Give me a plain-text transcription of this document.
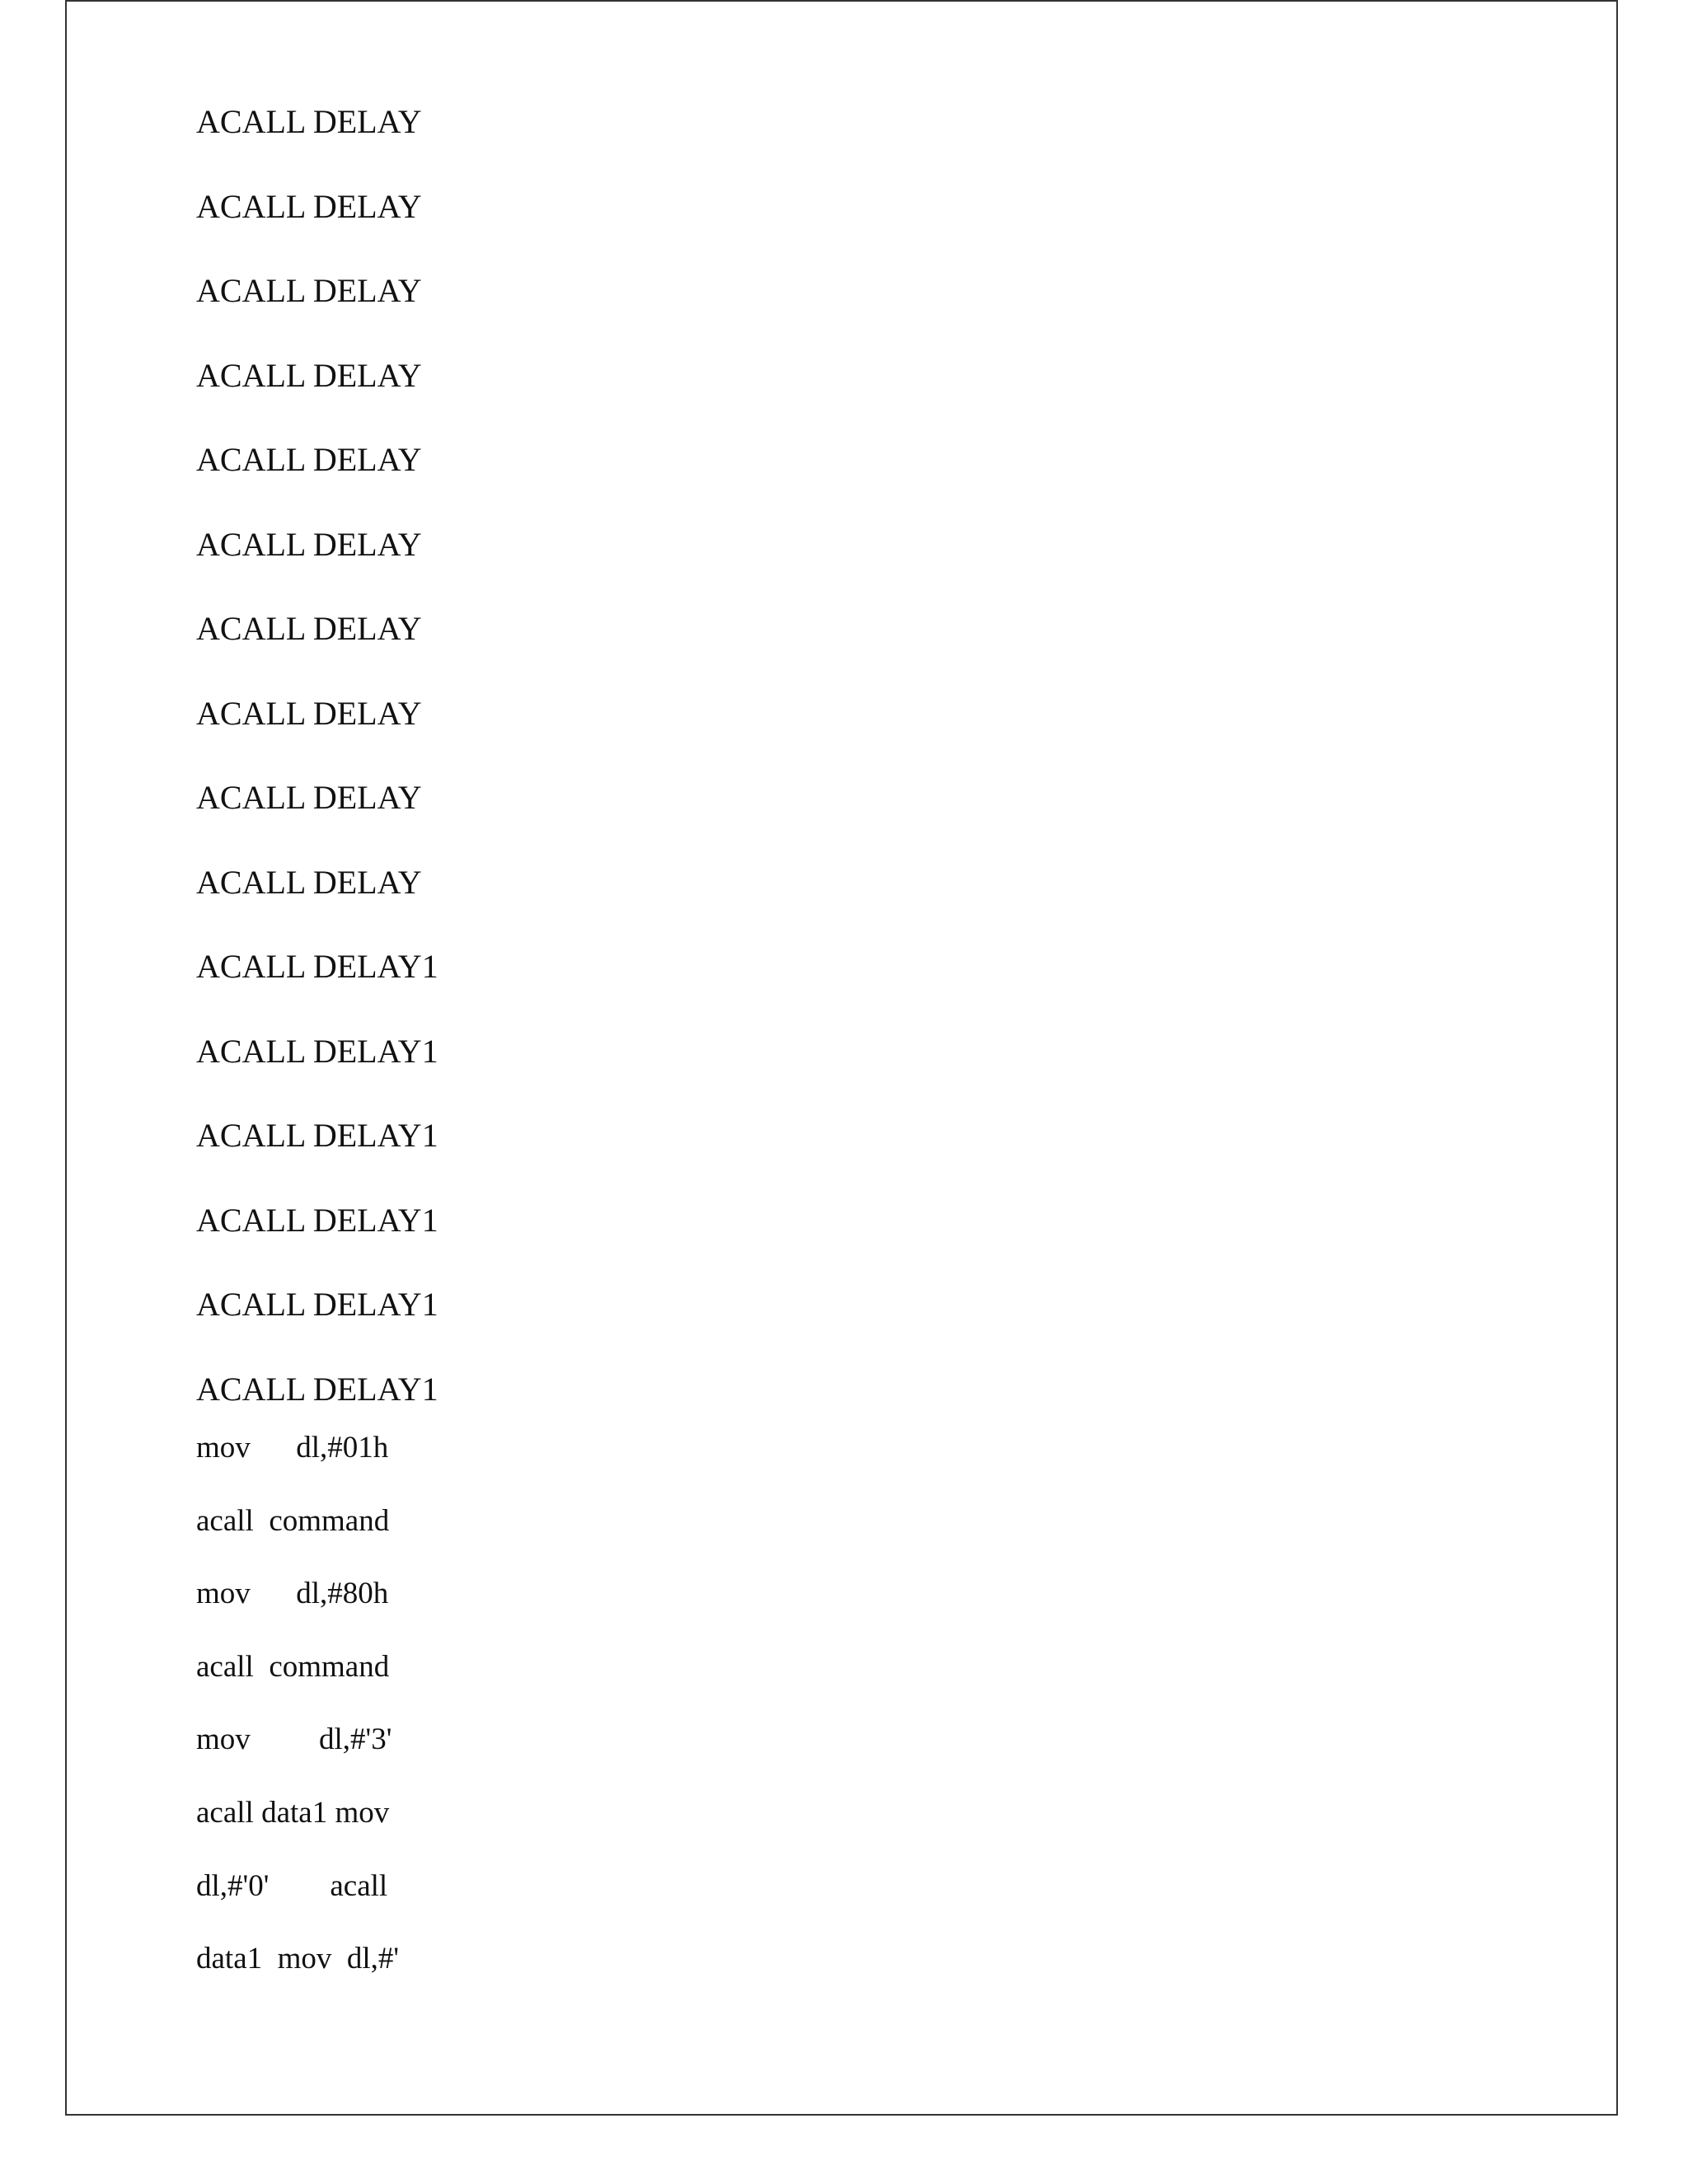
ACALL DELAY
ACALL DELAY
ACALL DELAY
ACALL DELAY
ACALL DELAY
ACALL DELAY
ACALL DELAY
ACALL DELAY
ACALL DELAY
ACALL DELAY
ACALL DELAY1
ACALL DELAY1
ACALL DELAY1
ACALL DELAY1
ACALL DELAY1
ACALL DELAY1
mov      dl,#01h
acall  command
mov      dl,#80h
acall  command
mov         dl,#'3'
acall data1 mov
dl,#'0'        acall
data1  mov  dl,#'
